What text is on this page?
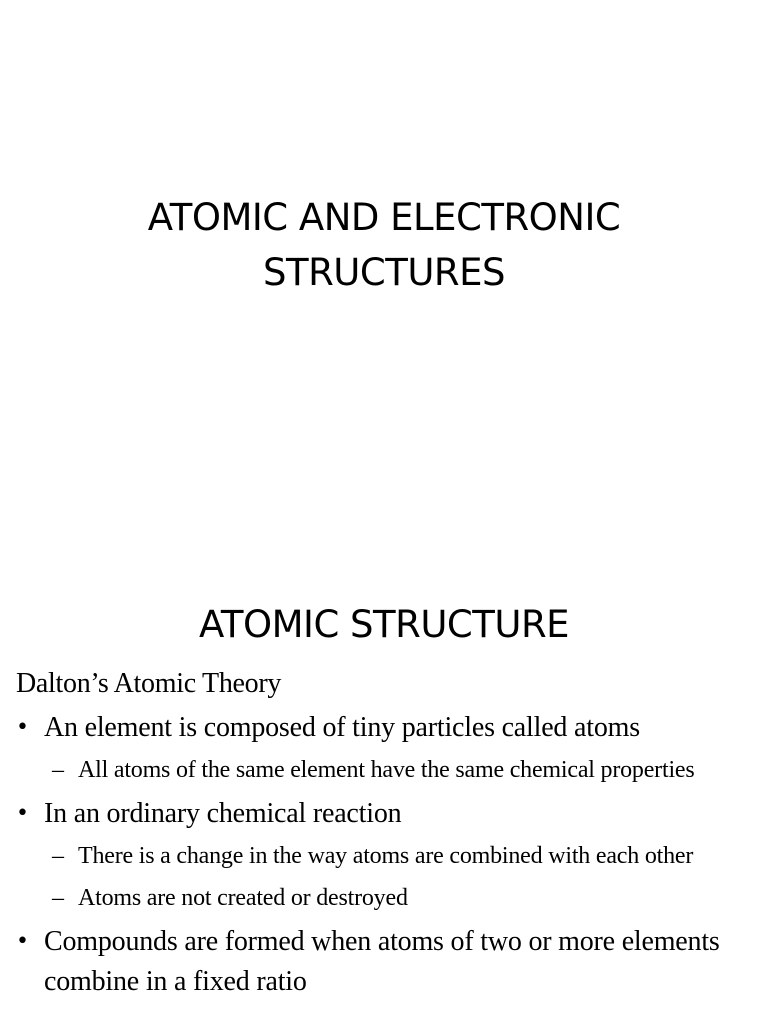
ATOMIC AND ELECTRONIC
STRUCTURES
ATOMIC STRUCTURE
Dalton’s Atomic Theory
• An element is composed of tiny particles called atoms
– All atoms of the same element have the same chemical properties
• In an ordinary chemical reaction
– There is a change in the way atoms are combined with each other
– Atoms are not created or destroyed
• Compounds are formed when atoms of two or more elements combine in a fixed ratio
